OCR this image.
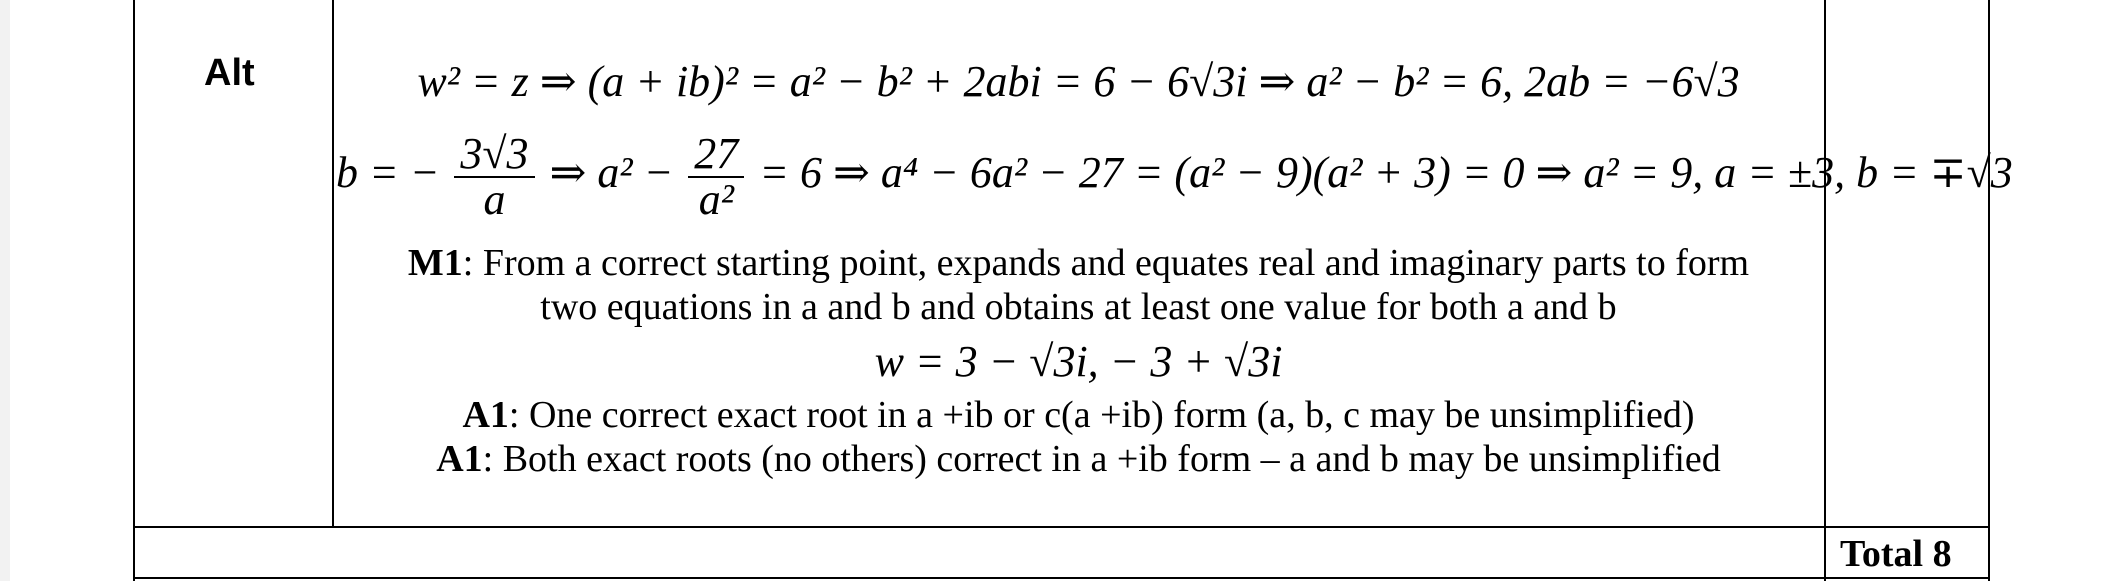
Alt	w² = z ⇒ (a + ib)² = a² − b² + 2abi = 6 − 6√3i ⇒ a² − b² = 6, 2ab = −6√3
b = − $\frac{3√3}{a}$ ⇒ $a^2 - \frac{27}{\text{a²}} = 6$ ⇒ a⁴ − 6a² − 27 = (a² − 9)(a² + 3) = 0 ⇒ a² = 9, a = ±3, b = ∓√3
M1: From a correct starting point, expands and equates real and imaginary parts to form
two equations in a and b and obtains at least one value for both a and b
w = 3 − √3i, − 3 + √3i
A1: One correct exact root in a +ib or c(a +ib) form (a, b, c may be unsimplified)
A1: Both exact roots (no others) correct in a +ib form – a and b may be unsimplified
Total 8
